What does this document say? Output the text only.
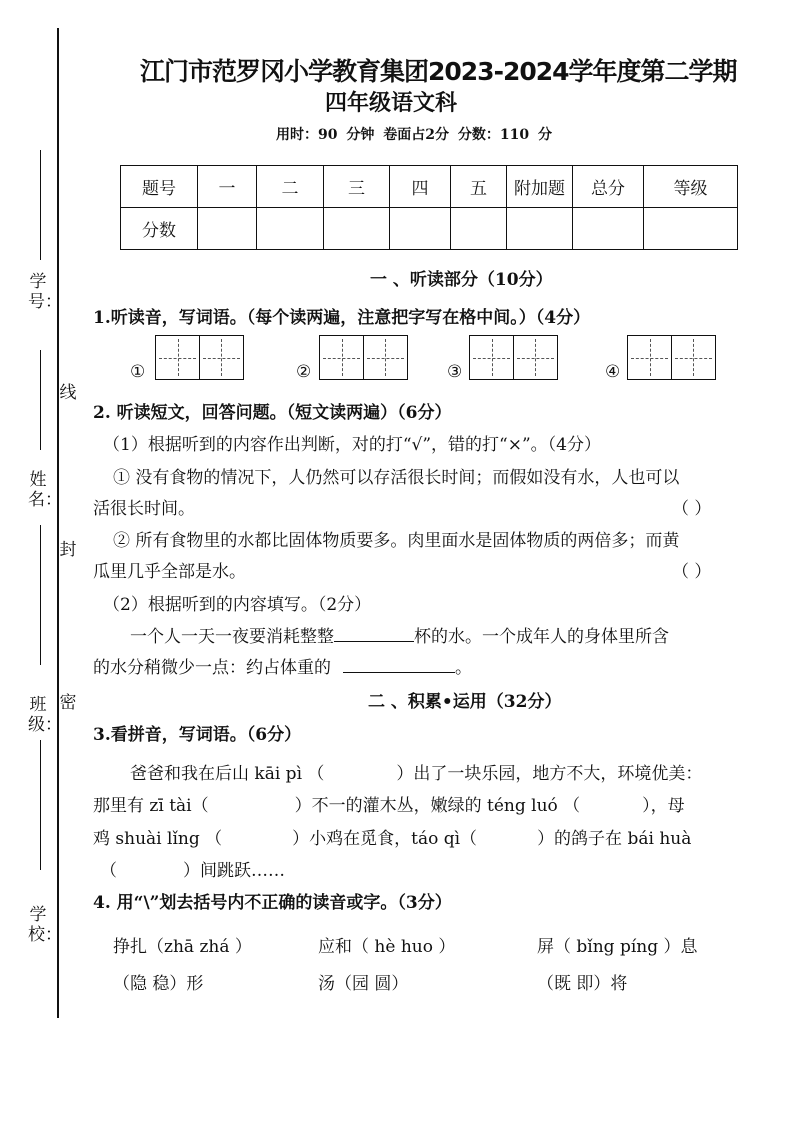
学号：
线
姓名：
封
班级：
密
学校：
江门市范罗冈小学教育集团2023-2024学年度第二学期
四年级语文科
用时：90 分钟 卷面占2分 分数：110 分
题号	一	二	三	四	五	附加题	总分	等级
分数								
一 、听读部分（10分）
1.听读音，写词语。（每个读两遍，注意把字写在格中间。）（4分）
①	②	③	④
2. 听读短文，回答问题。（短文读两遍）（6分）
（1）根据听到的内容作出判断，对的打“√”，错的打“×”。（4分）
① 没有食物的情况下，人仍然可以存活很长时间；而假如没有水，人也可以
活很长时间。	（ ）
② 所有食物里的水都比固体物质要多。肉里面水是固体物质的两倍多；而黄
瓜里几乎全部是水。	（ ）
（2）根据听到的内容填写。（2分）
一个人一天一夜要消耗整整	杯的水。一个成年人的身体里所含
的水分稍微少一点：约占体重的	。
二 、积累•运用（32分）
3.看拼音，写词语。（6分）
爸爸和我在后山 kāi pì （	）出了一块乐园，地方不大，环境优美：
那里有 zī tài（	）不一的灌木丛，嫩绿的 téng luó （	），母
鸡 shuài lǐng （	）小鸡在觅食，táo qì（	）的鸽子在 bái huà
（	）间跳跃……
4. 用“\”划去括号内不正确的读音或字。（3分）
挣扎（zhā zhá ）	应和（ hè huo ）	屏（ bǐng píng ）息
（隐 稳）形	汤（园 圆）	（既 即）将
